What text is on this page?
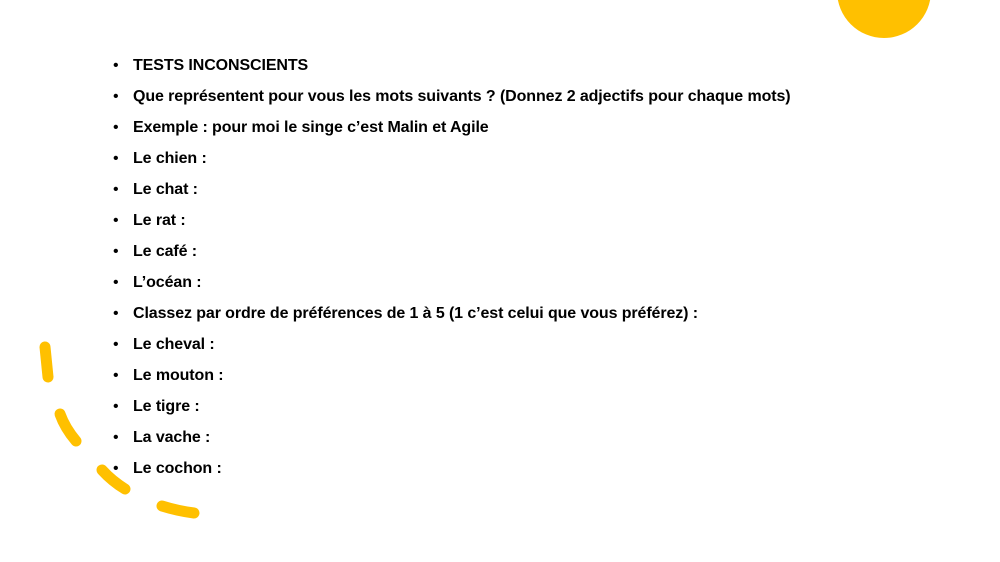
• TESTS INCONSCIENTS
• Que représentent pour vous les mots suivants ? (Donnez 2 adjectifs pour chaque mots)
• Exemple : pour moi le singe c’est Malin et Agile
• Le chien :
• Le chat :
• Le rat :
• Le café :
• L’océan :
• Classez par ordre de préférences de 1 à 5 (1 c’est celui que vous préférez) :
• Le cheval :
• Le mouton :
• Le tigre :
• La vache :
• Le cochon :
